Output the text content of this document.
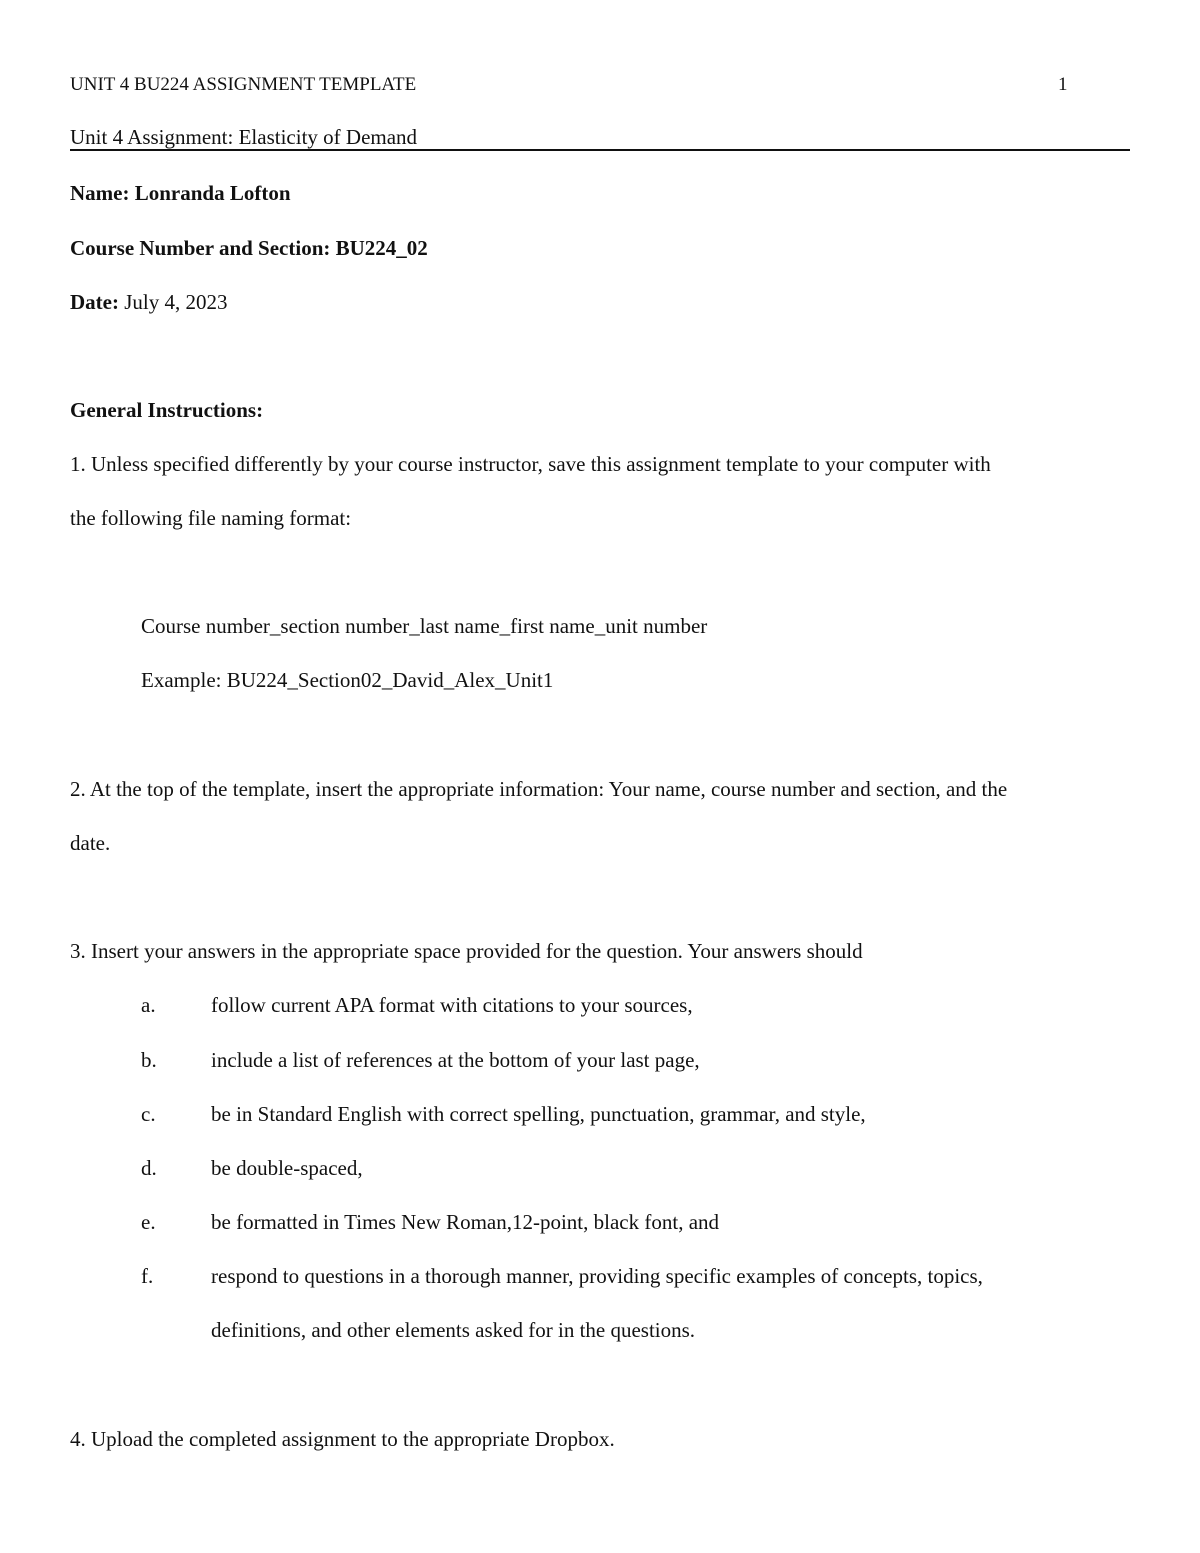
UNIT 4 BU224 ASSIGNMENT TEMPLATE	1
Unit 4 Assignment: Elasticity of Demand
Name: Lonranda Lofton
Course Number and Section: BU224_02
Date: July 4, 2023
General Instructions:
1. Unless specified differently by your course instructor, save this assignment template to your computer with
the following file naming format:
Course number_section number_last name_first name_unit number
Example: BU224_Section02_David_Alex_Unit1
2. At the top of the template, insert the appropriate information: Your name, course number and section, and the
date.
3. Insert your answers in the appropriate space provided for the question. Your answers should
a.	follow current APA format with citations to your sources,
b.	include a list of references at the bottom of your last page,
c.	be in Standard English with correct spelling, punctuation, grammar, and style,
d.	be double-spaced,
e.	be formatted in Times New Roman,12-point, black font, and
f.	respond to questions in a thorough manner, providing specific examples of concepts, topics,
definitions, and other elements asked for in the questions.
4. Upload the completed assignment to the appropriate Dropbox.
